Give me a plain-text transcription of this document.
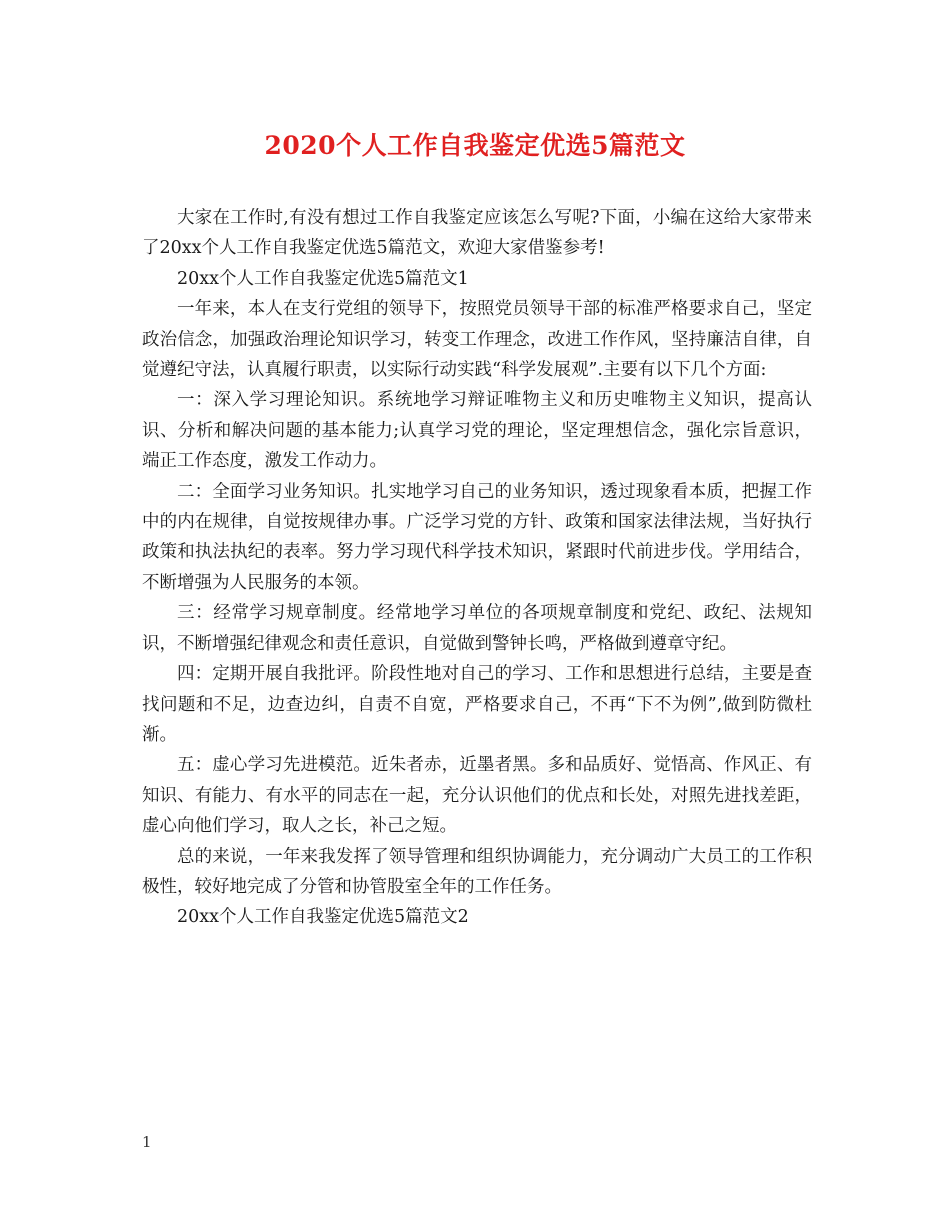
2020个人工作自我鉴定优选5篇范文

大家在工作时,有没有想过工作自我鉴定应该怎么写呢?下面，小编在这给大家带来了20xx个人工作自我鉴定优选5篇范文，欢迎大家借鉴参考!

20xx个人工作自我鉴定优选5篇范文1

一年来，本人在支行党组的领导下，按照党员领导干部的标准严格要求自己，坚定政治信念，加强政治理论知识学习，转变工作理念，改进工作作风，坚持廉洁自律，自觉遵纪守法，认真履行职责，以实际行动实践“科学发展观”.主要有以下几个方面:

一：深入学习理论知识。系统地学习辩证唯物主义和历史唯物主义知识，提高认识、分析和解决问题的基本能力;认真学习党的理论，坚定理想信念，强化宗旨意识，端正工作态度，激发工作动力。

二：全面学习业务知识。扎实地学习自己的业务知识，透过现象看本质，把握工作中的内在规律，自觉按规律办事。广泛学习党的方针、政策和国家法律法规，当好执行政策和执法执纪的表率。努力学习现代科学技术知识，紧跟时代前进步伐。学用结合，不断增强为人民服务的本领。

三：经常学习规章制度。经常地学习单位的各项规章制度和党纪、政纪、法规知识，不断增强纪律观念和责任意识，自觉做到警钟长鸣，严格做到遵章守纪。

四：定期开展自我批评。阶段性地对自己的学习、工作和思想进行总结，主要是查找问题和不足，边查边纠，自责不自宽，严格要求自己，不再“下不为例”,做到防微杜渐。

五：虚心学习先进模范。近朱者赤，近墨者黑。多和品质好、觉悟高、作风正、有知识、有能力、有水平的同志在一起，充分认识他们的优点和长处，对照先进找差距，虚心向他们学习，取人之长，补己之短。

总的来说，一年来我发挥了领导管理和组织协调能力，充分调动广大员工的工作积极性，较好地完成了分管和协管股室全年的工作任务。

20xx个人工作自我鉴定优选5篇范文2

1
